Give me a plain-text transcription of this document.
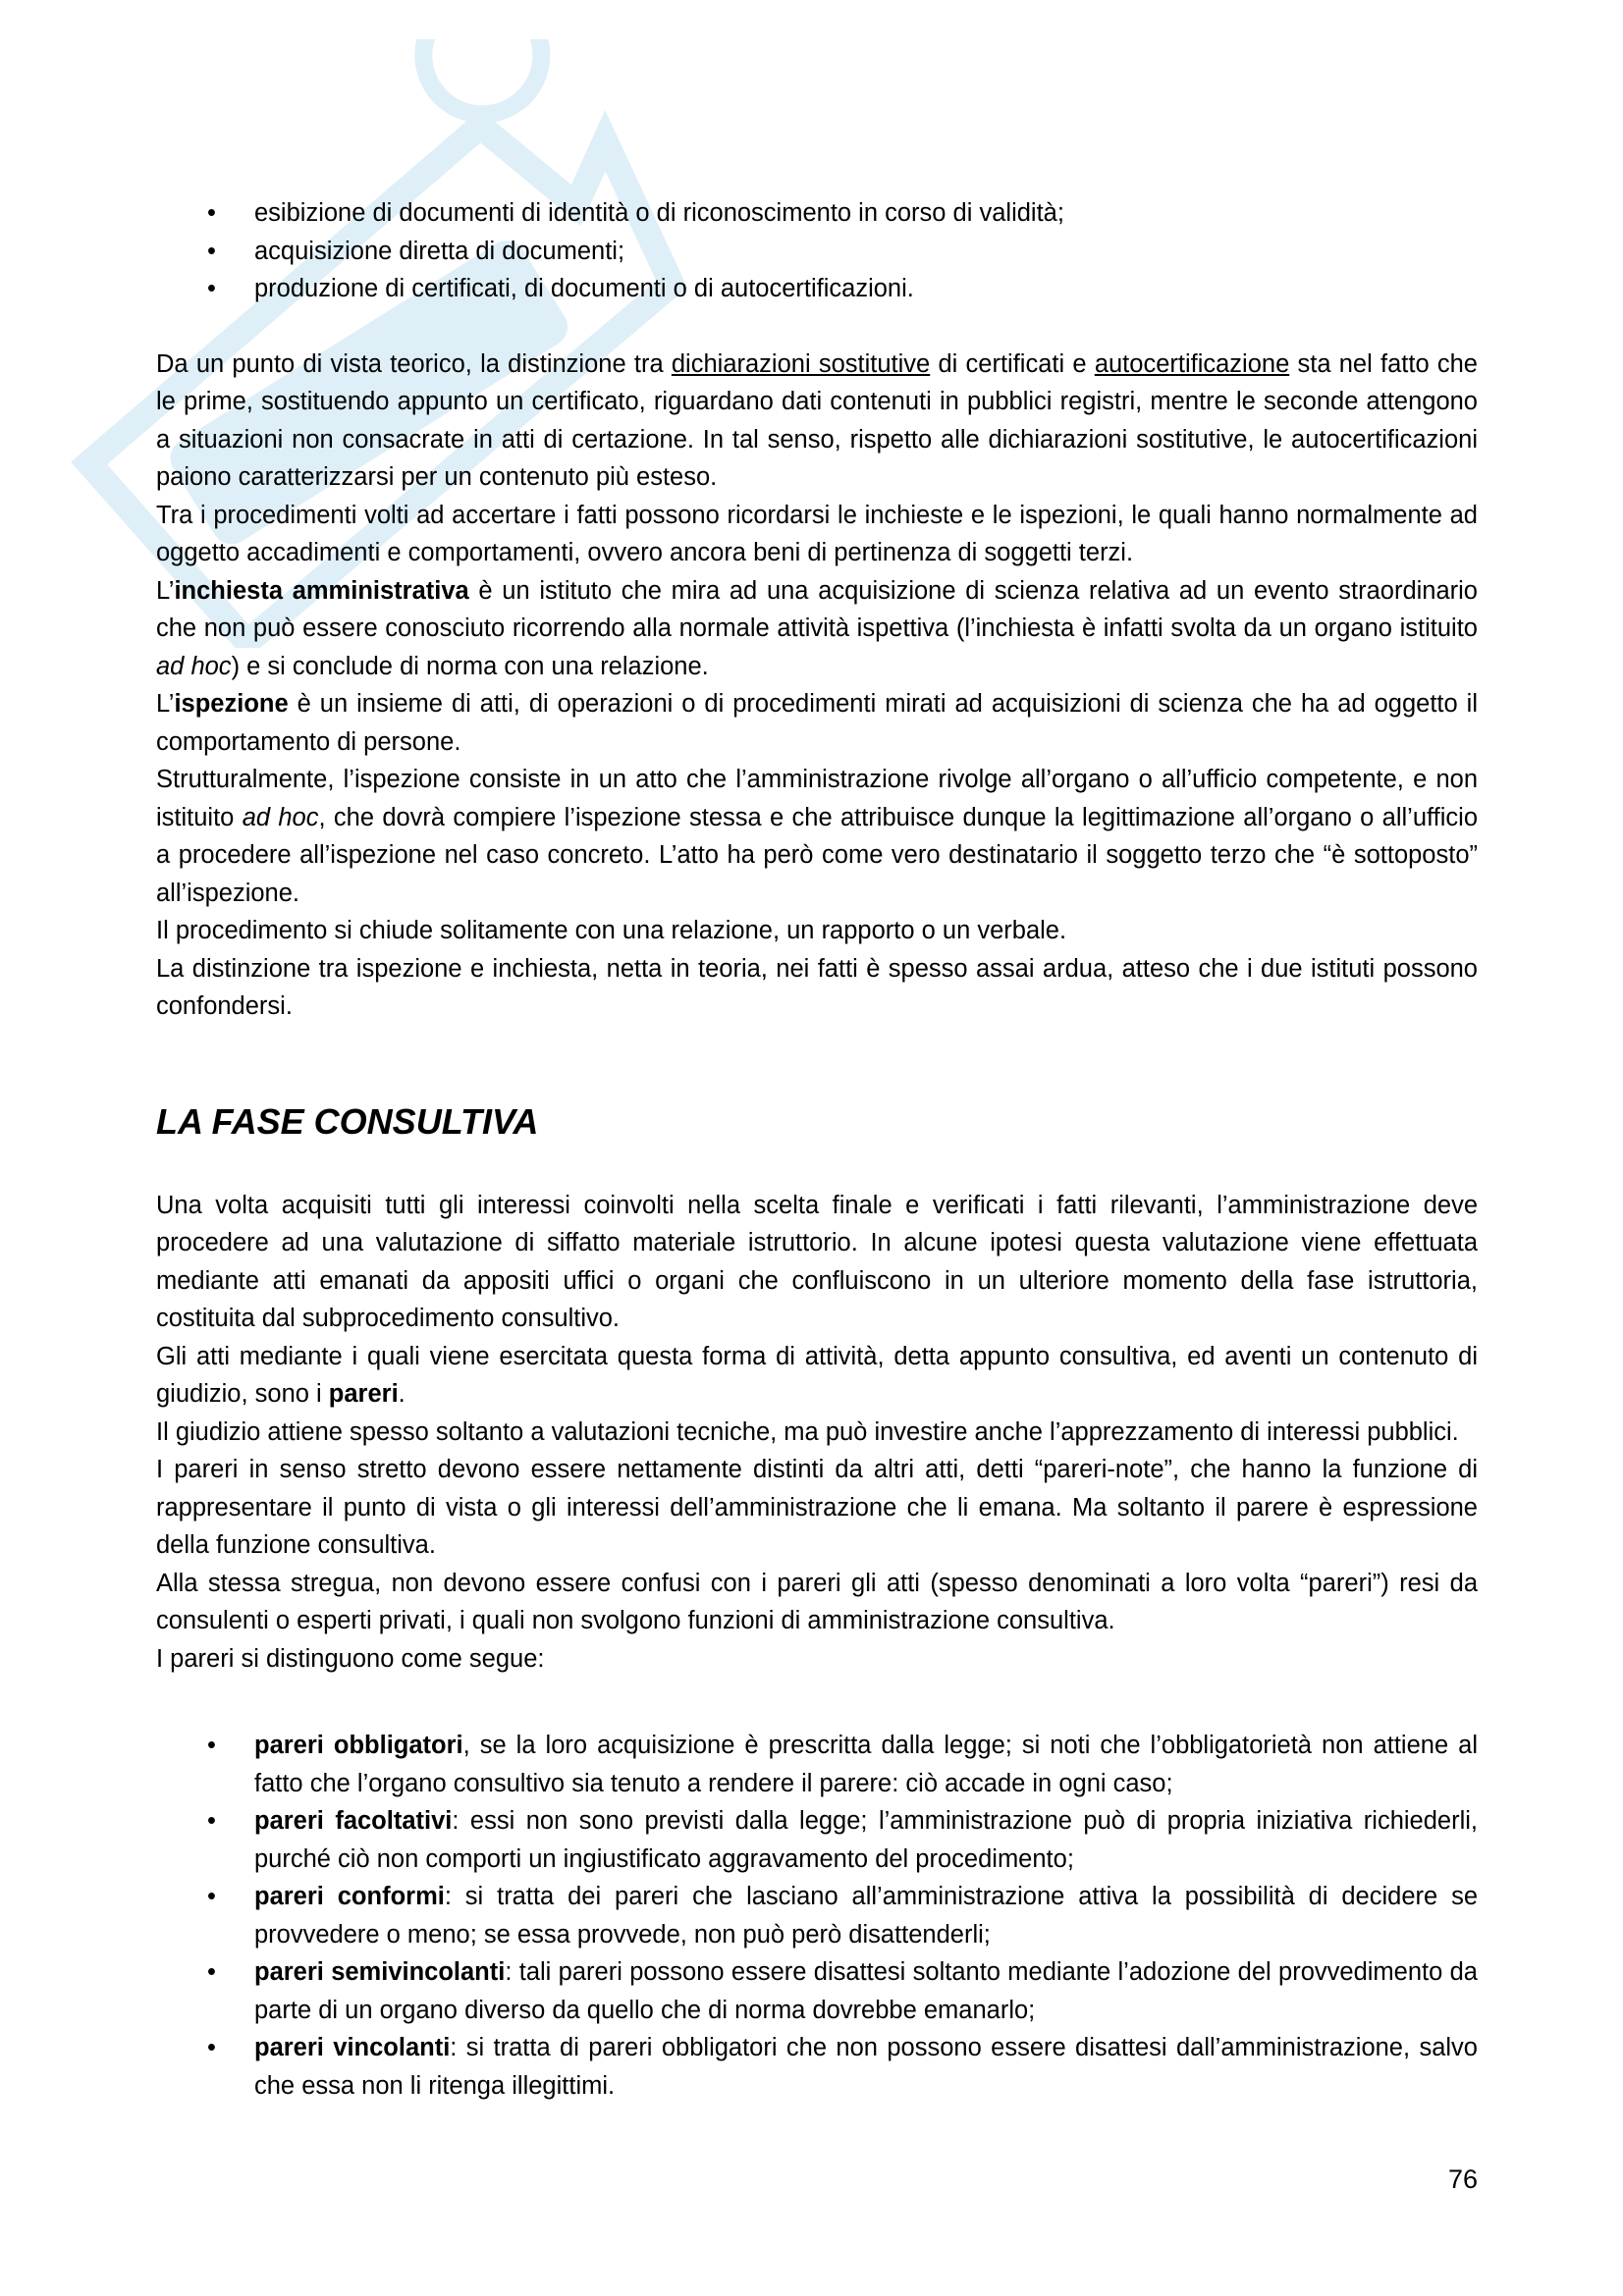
• esibizione di documenti di identità o di riconoscimento in corso di validità;
• acquisizione diretta di documenti;
• produzione di certificati, di documenti o di autocertificazioni.

Da un punto di vista teorico, la distinzione tra dichiarazioni sostitutive di certificati e autocertificazione sta nel fatto che le prime, sostituendo appunto un certificato, riguardano dati contenuti in pubblici registri, mentre le seconde attengono a situazioni non consacrate in atti di certazione. In tal senso, rispetto alle dichiarazioni sostitutive, le autocertificazioni paiono caratterizzarsi per un contenuto più esteso.

Tra i procedimenti volti ad accertare i fatti possono ricordarsi le inchieste e le ispezioni, le quali hanno normalmente ad oggetto accadimenti e comportamenti, ovvero ancora beni di pertinenza di soggetti terzi.

L’inchiesta amministrativa è un istituto che mira ad una acquisizione di scienza relativa ad un evento straordinario che non può essere conosciuto ricorrendo alla normale attività ispettiva (l’inchiesta è infatti svolta da un organo istituito ad hoc) e si conclude di norma con una relazione.

L’ispezione è un insieme di atti, di operazioni o di procedimenti mirati ad acquisizioni di scienza che ha ad oggetto il comportamento di persone.

Strutturalmente, l’ispezione consiste in un atto che l’amministrazione rivolge all’organo o all’ufficio competente, e non istituito ad hoc, che dovrà compiere l’ispezione stessa e che attribuisce dunque la legittimazione all’organo o all’ufficio a procedere all’ispezione nel caso concreto. L’atto ha però come vero destinatario il soggetto terzo che “è sottoposto” all’ispezione.

Il procedimento si chiude solitamente con una relazione, un rapporto o un verbale.

La distinzione tra ispezione e inchiesta, netta in teoria, nei fatti è spesso assai ardua, atteso che i due istituti possono confondersi.

LA FASE CONSULTIVA

Una volta acquisiti tutti gli interessi coinvolti nella scelta finale e verificati i fatti rilevanti, l’amministrazione deve procedere ad una valutazione di siffatto materiale istruttorio. In alcune ipotesi questa valutazione viene effettuata mediante atti emanati da appositi uffici o organi che confluiscono in un ulteriore momento della fase istruttoria, costituita dal subprocedimento consultivo.

Gli atti mediante i quali viene esercitata questa forma di attività, detta appunto consultiva, ed aventi un contenuto di giudizio, sono i pareri.

Il giudizio attiene spesso soltanto a valutazioni tecniche, ma può investire anche l’apprezzamento di interessi pubblici.

I pareri in senso stretto devono essere nettamente distinti da altri atti, detti “pareri-note”, che hanno la funzione di rappresentare il punto di vista o gli interessi dell’amministrazione che li emana. Ma soltanto il parere è espressione della funzione consultiva.

Alla stessa stregua, non devono essere confusi con i pareri gli atti (spesso denominati a loro volta “pareri”) resi da consulenti o esperti privati, i quali non svolgono funzioni di amministrazione consultiva.

I pareri si distinguono come segue:

• pareri obbligatori, se la loro acquisizione è prescritta dalla legge; si noti che l’obbligatorietà non attiene al fatto che l’organo consultivo sia tenuto a rendere il parere: ciò accade in ogni caso;
• pareri facoltativi: essi non sono previsti dalla legge; l’amministrazione può di propria iniziativa richiederli, purché ciò non comporti un ingiustificato aggravamento del procedimento;
• pareri conformi: si tratta dei pareri che lasciano all’amministrazione attiva la possibilità di decidere se provvedere o meno; se essa provvede, non può però disattenderli;
• pareri semivincolanti: tali pareri possono essere disattesi soltanto mediante l’adozione del provvedimento da parte di un organo diverso da quello che di norma dovrebbe emanarlo;
• pareri vincolanti: si tratta di pareri obbligatori che non possono essere disattesi dall’amministrazione, salvo che essa non li ritenga illegittimi.
76
